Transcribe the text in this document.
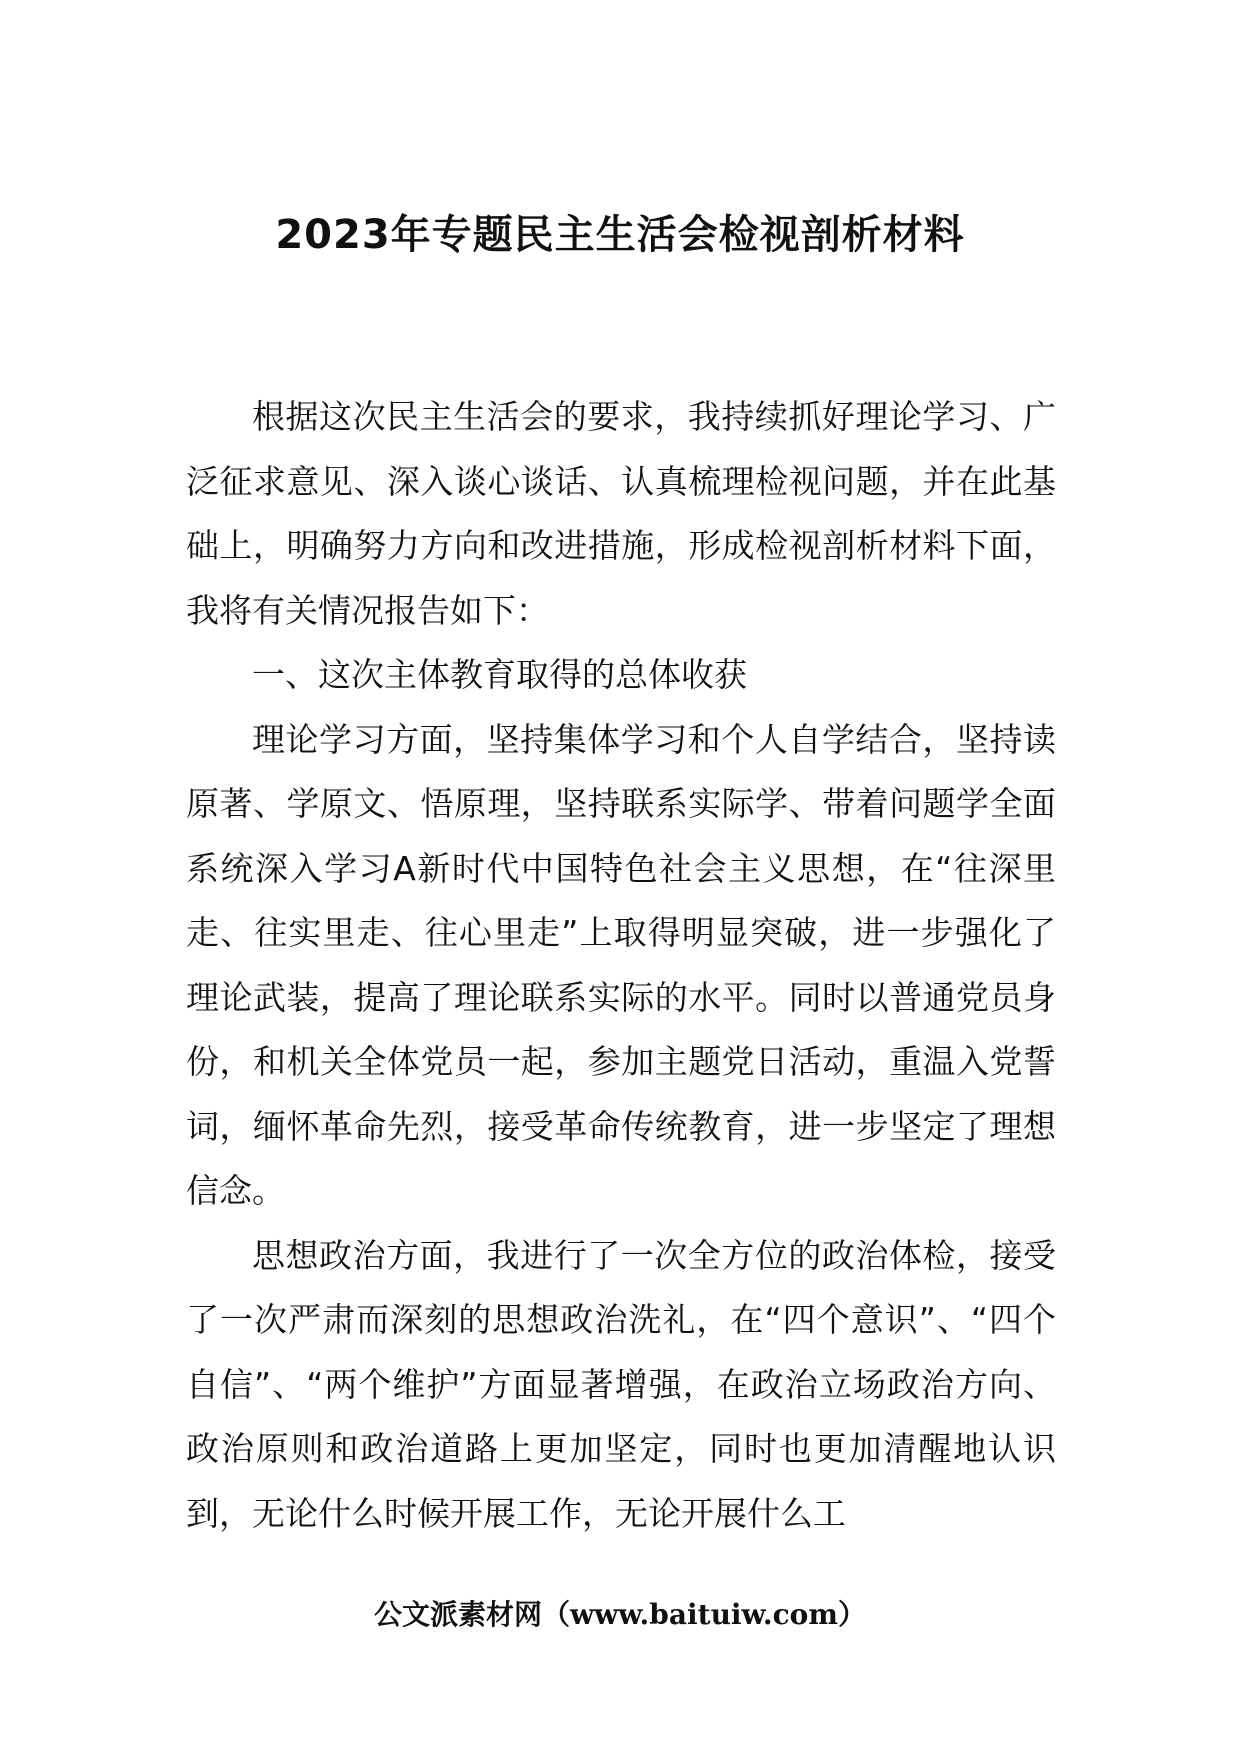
2023年专题民主生活会检视剖析材料

根据这次民主生活会的要求，我持续抓好理论学习、广泛征求意见、深入谈心谈话、认真梳理检视问题，并在此基础上，明确努力方向和改进措施，形成检视剖析材料下面，我将有关情况报告如下：

一、这次主体教育取得的总体收获

理论学习方面，坚持集体学习和个人自学结合，坚持读原著、学原文、悟原理，坚持联系实际学、带着问题学全面系统深入学习A新时代中国特色社会主义思想，在“往深里走、往实里走、往心里走”上取得明显突破，进一步强化了理论武装，提高了理论联系实际的水平。同时以普通党员身份，和机关全体党员一起，参加主题党日活动，重温入党誓词，缅怀革命先烈，接受革命传统教育，进一步坚定了理想信念。

思想政治方面，我进行了一次全方位的政治体检，接受了一次严肃而深刻的思想政治洗礼，在“四个意识”、“四个自信”、“两个维护”方面显著增强，在政治立场政治方向、政治原则和政治道路上更加坚定，同时也更加清醒地认识到，无论什么时候开展工作，无论开展什么工

公文派素材网（www.baituiw.com）
